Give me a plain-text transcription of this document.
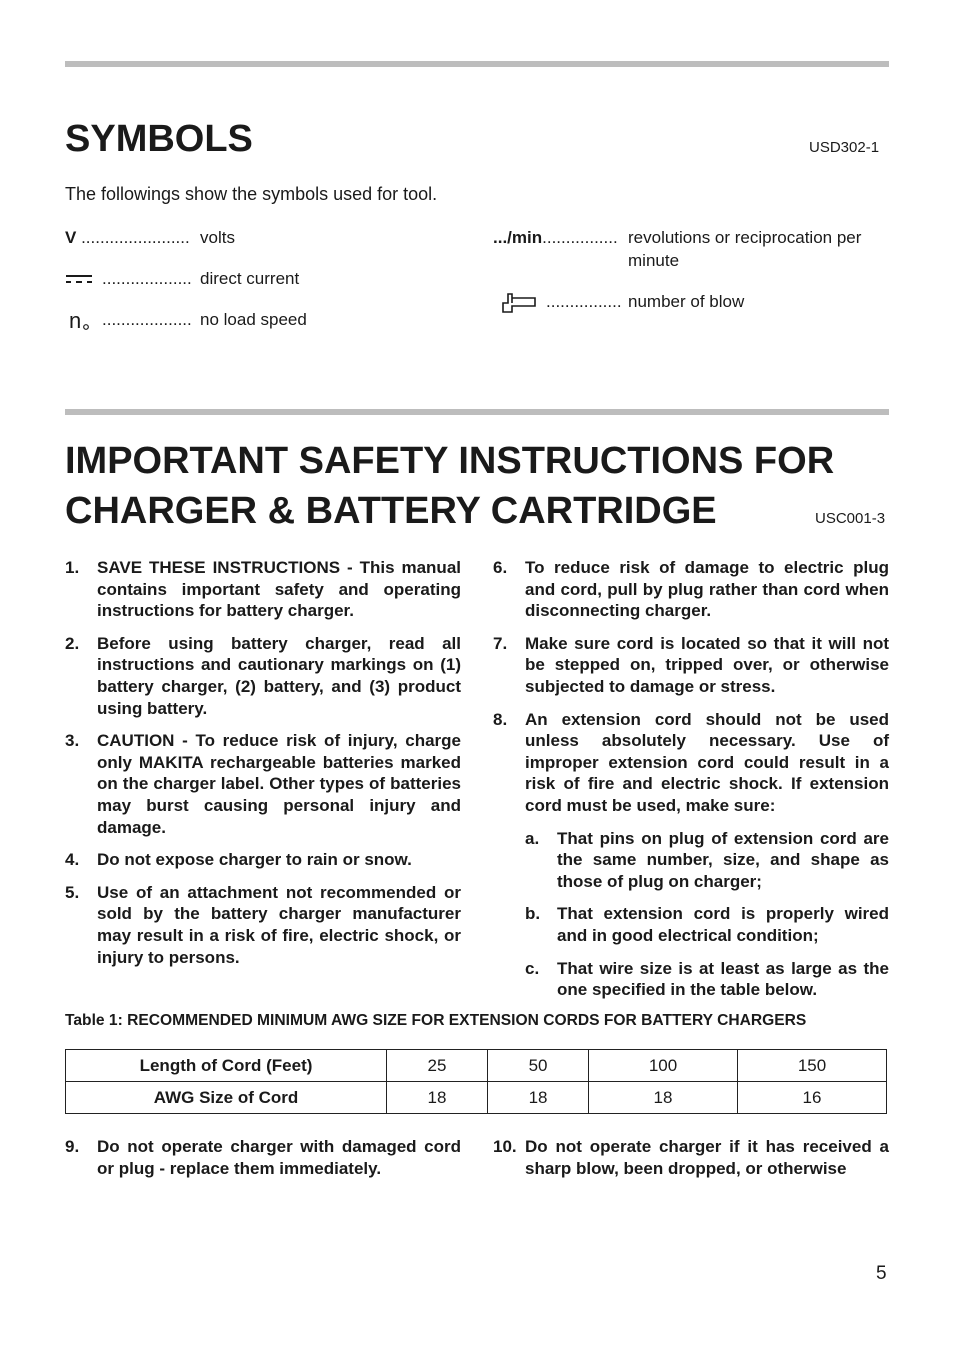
SYMBOLS	USD302-1
The followings show the symbols used for tool.
V ....................... volts
................... direct current
n ................... no load speed
.../min................ revolutions or reciprocation per
minute
................ number of blow
IMPORTANT SAFETY INSTRUCTIONS FOR
CHARGER & BATTERY CARTRIDGE	USC001-3
1. SAVE THESE INSTRUCTIONS - This manual contains important safety and operating instructions for battery charger.
2. Before using battery charger, read all instructions and cautionary markings on (1) battery charger, (2) battery, and (3) product using battery.
3. CAUTION - To reduce risk of injury, charge only MAKITA rechargeable batteries marked on the charger label. Other types of batteries may burst causing personal injury and damage.
4. Do not expose charger to rain or snow.
5. Use of an attachment not recommended or sold by the battery charger manufacturer may result in a risk of fire, electric shock, or injury to persons.
6. To reduce risk of damage to electric plug and cord, pull by plug rather than cord when disconnecting charger.
7. Make sure cord is located so that it will not be stepped on, tripped over, or otherwise subjected to damage or stress.
8. An extension cord should not be used unless absolutely necessary. Use of improper extension cord could result in a risk of fire and electric shock. If extension cord must be used, make sure:
a. That pins on plug of extension cord are the same number, size, and shape as those of plug on charger;
b. That extension cord is properly wired and in good electrical condition;
c. That wire size is at least as large as the one specified in the table below.
Table 1: RECOMMENDED MINIMUM AWG SIZE FOR EXTENSION CORDS FOR BATTERY CHARGERS
Length of Cord (Feet)	25	50	100	150
AWG Size of Cord	18	18	18	16
9. Do not operate charger with damaged cord or plug - replace them immediately.
10. Do not operate charger if it has received a sharp blow, been dropped, or otherwise
5
